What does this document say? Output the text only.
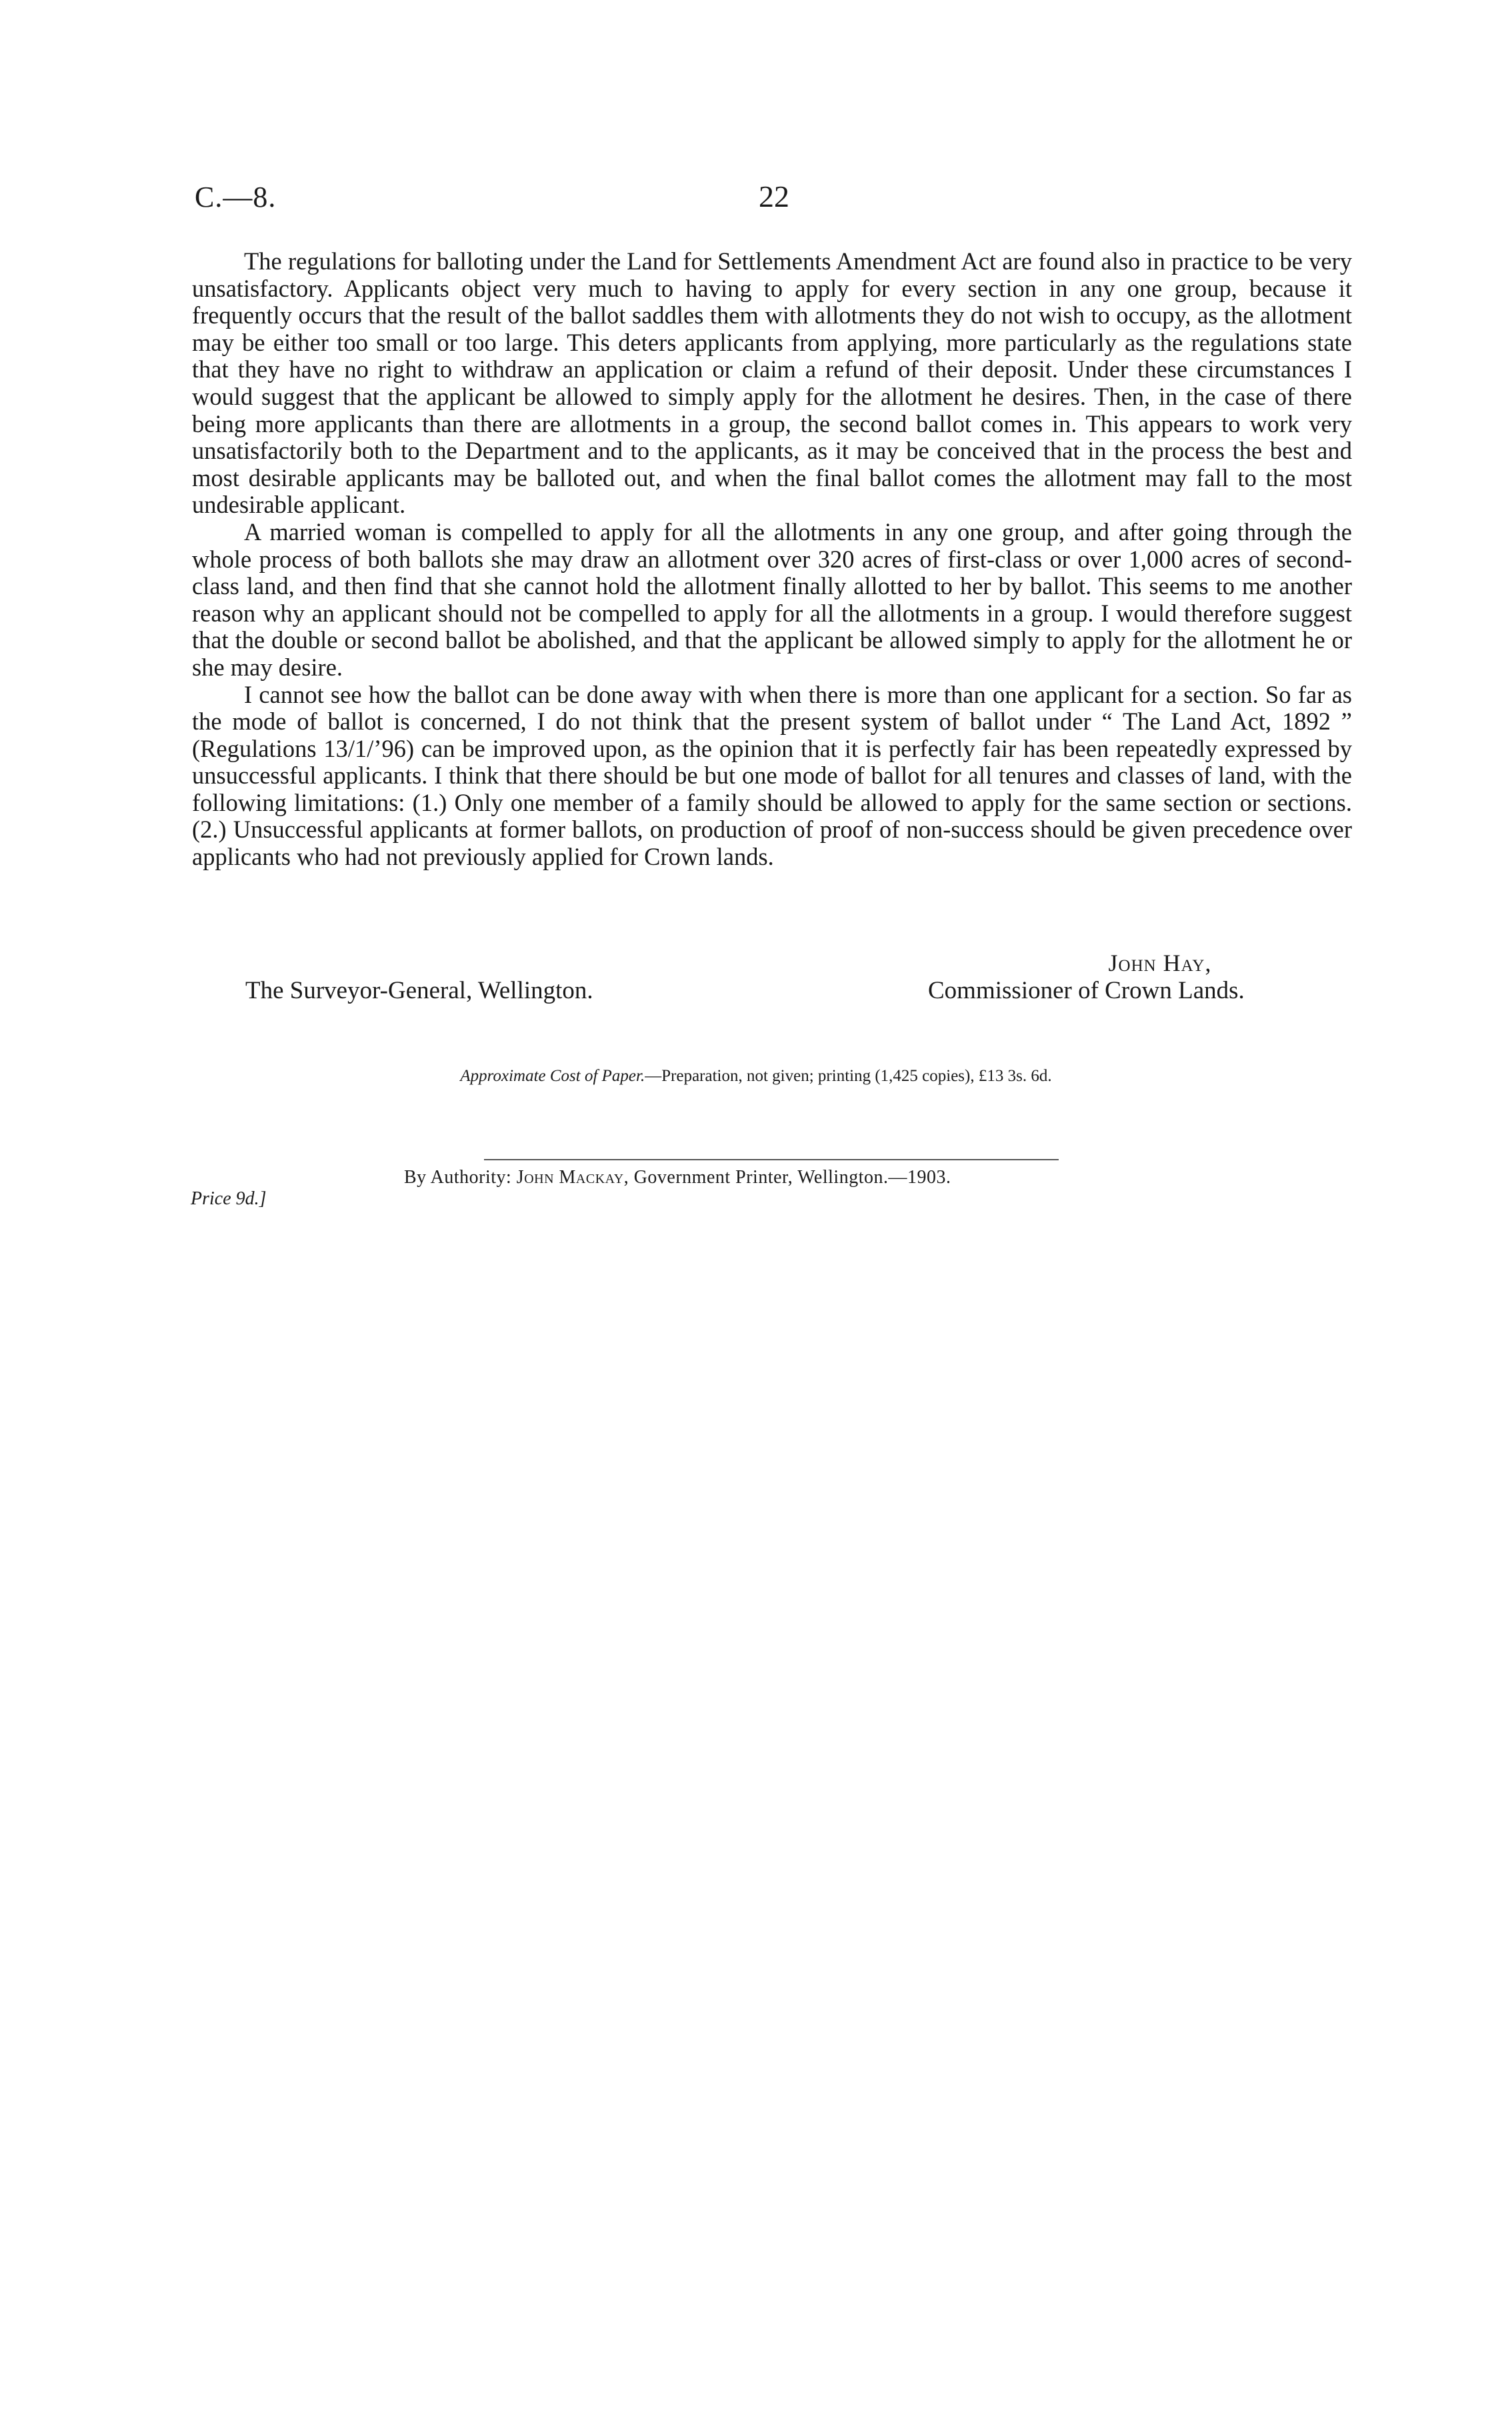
C.—8.	22

The regulations for balloting under the Land for Settlements Amendment Act are found also in practice to be very unsatisfactory. Applicants object very much to having to apply for every section in any one group, because it frequently occurs that the result of the ballot saddles them with allotments they do not wish to occupy, as the allotment may be either too small or too large. This deters applicants from applying, more particularly as the regulations state that they have no right to withdraw an application or claim a refund of their deposit. Under these circumstances I would suggest that the applicant be allowed to simply apply for the allotment he desires. Then, in the case of there being more applicants than there are allotments in a group, the second ballot comes in. This appears to work very unsatisfactorily both to the Department and to the applicants, as it may be conceived that in the process the best and most desirable applicants may be balloted out, and when the final ballot comes the allotment may fall to the most undesirable applicant.

A married woman is compelled to apply for all the allotments in any one group, and after going through the whole process of both ballots she may draw an allotment over 320 acres of first-class or over 1,000 acres of second-class land, and then find that she cannot hold the allotment finally allotted to her by ballot. This seems to me another reason why an applicant should not be compelled to apply for all the allotments in a group. I would therefore suggest that the double or second ballot be abolished, and that the applicant be allowed simply to apply for the allotment he or she may desire.

I cannot see how the ballot can be done away with when there is more than one applicant for a section. So far as the mode of ballot is concerned, I do not think that the present system of ballot under “ The Land Act, 1892 ” (Regulations 13/1/’96) can be improved upon, as the opinion that it is perfectly fair has been repeatedly expressed by unsuccessful applicants. I think that there should be but one mode of ballot for all tenures and classes of land, with the following limitations: (1.) Only one member of a family should be allowed to apply for the same section or sections. (2.) Unsuccessful applicants at former ballots, on production of proof of non-success should be given precedence over applicants who had not previously applied for Crown lands.

John Hay,
The Surveyor-General, Wellington.	Commissioner of Crown Lands.
Approximate Cost of Paper.—Preparation, not given; printing (1,425 copies), £13 3s. 6d.
By Authority: John Mackay, Government Printer, Wellington.—1903.
Price 9d.]
